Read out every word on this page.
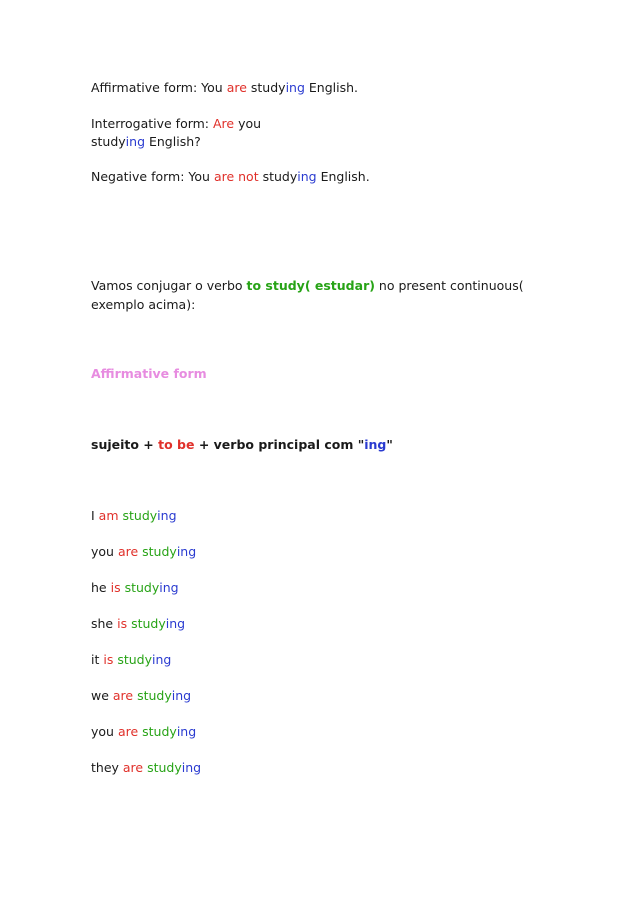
Affirmative form: You are studying English.
Interrogative form: Are you
studying English?
Negative form: You are not studying English.
Vamos conjugar o verbo to study( estudar) no present continuous( exemplo acima):
Affirmative form
sujeito + to be + verbo principal com "ing"
I am studying
you are studying
he is studying
she is studying
it is studying
we are studying
you are studying
they are studying
